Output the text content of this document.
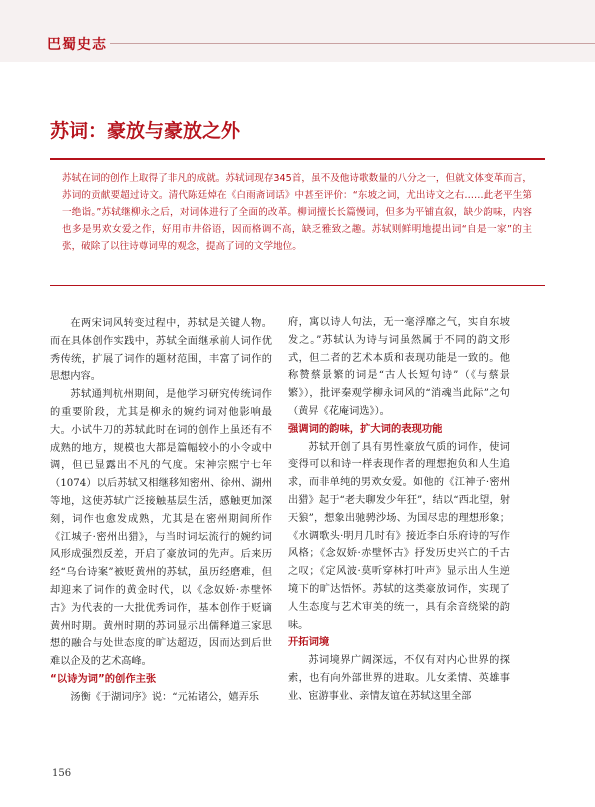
巴蜀史志
苏词：豪放与豪放之外
苏轼在词的创作上取得了非凡的成就。苏轼词现存345首，虽不及他诗歌数量的八分之一，但就文体变革而言，苏词的贡献要超过诗文。清代陈廷焯在《白雨斋词话》中甚至评价：“东坡之词，尤出诗文之右……此老平生第一绝诣。”苏轼继柳永之后，对词体进行了全面的改革。柳词擅长长篇慢词，但多为平铺直叙，缺少韵味，内容也多是男欢女爱之作，好用市井俗语，因而格调不高，缺乏雅致之趣。苏轼则鲜明地提出词“自是一家”的主张，破除了以往诗尊词卑的观念，提高了词的文学地位。

在两宋词风转变过程中，苏轼是关键人物。而在具体创作实践中，苏轼全面继承前人词作优秀传统，扩展了词作的题材范围，丰富了词作的思想内容。

苏轼通判杭州期间，是他学习研究传统词作的重要阶段，尤其是柳永的婉约词对他影响最大。小试牛刀的苏轼此时在词的创作上虽还有不成熟的地方，规模也大都是篇幅较小的小令或中调，但已显露出不凡的气度。宋神宗熙宁七年（1074）以后苏轼又相继移知密州、徐州、湖州等地，这使苏轼广泛接触基层生活，感触更加深刻，词作也愈发成熟，尤其是在密州期间所作《江城子·密州出猎》，与当时词坛流行的婉约词风形成强烈反差，开启了豪放词的先声。后来历经“乌台诗案”被贬黄州的苏轼，虽历经磨难，但却迎来了词作的黄金时代，以《念奴娇·赤壁怀古》为代表的一大批优秀词作，基本创作于贬谪黄州时期。黄州时期的苏词显示出儒释道三家思想的融合与处世态度的旷达超迈，因而达到后世难以企及的艺术高峰。

“以诗为词”的创作主张

汤衡《于湖词序》说：“元祐诸公，嬉弄乐

府，寓以诗人句法，无一毫浮靡之气，实自东坡发之。”苏轼认为诗与词虽然属于不同的韵文形式，但二者的艺术本质和表现功能是一致的。他称赞蔡景繁的词是“古人长短句诗”（《与蔡景繁》），批评秦观学柳永词风的“消魂当此际”之句（黄昇《花庵词选》）。

强调词的韵味，扩大词的表现功能

苏轼开创了具有男性豪放气质的词作，使词变得可以和诗一样表现作者的理想抱负和人生追求，而非单纯的男欢女爱。如他的《江神子·密州出猎》起于“老夫聊发少年狂”，结以“西北望，射天狼”，想象出驰骋沙场、为国尽忠的理想形象；《水调歌头·明月几时有》接近李白乐府诗的写作风格；《念奴娇·赤壁怀古》抒发历史兴亡的千古之叹；《定风波·莫听穿林打叶声》显示出人生逆境下的旷达悟怀。苏轼的这类豪放词作，实现了人生态度与艺术审美的统一，具有余音绕梁的韵味。

开拓词境

苏词境界广阔深远，不仅有对内心世界的探索，也有向外部世界的进取。儿女柔情、英雄事业、宦游事业、亲情友谊在苏轼这里全部

156
